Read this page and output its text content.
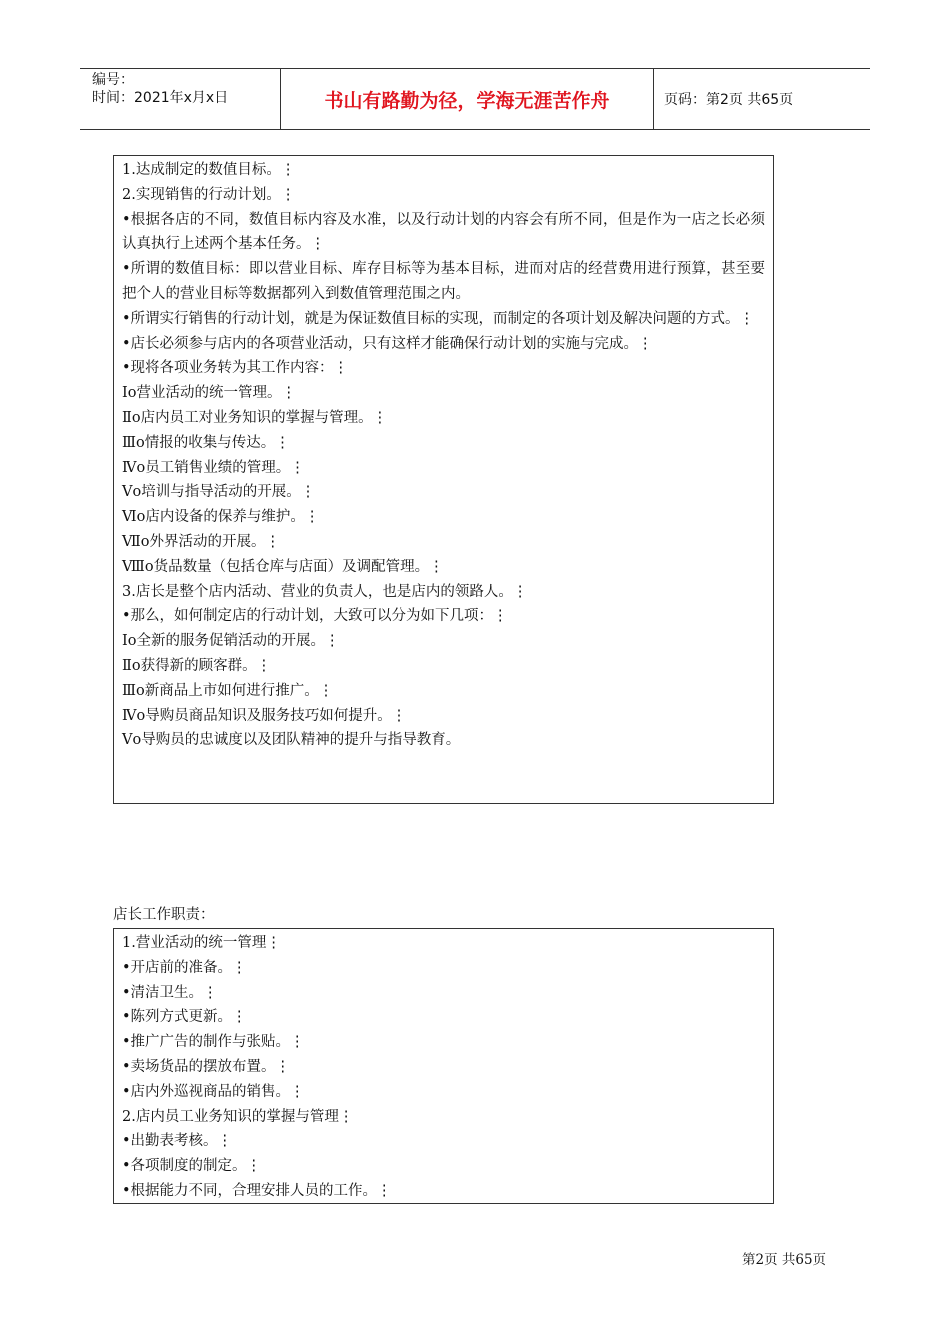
编号：
时间：2021年x月x日	书山有路勤为径，学海无涯苦作舟	页码：第2页 共65页
1.达成制定的数值目标。⋮
2.实现销售的行动计划。⋮
•根据各店的不同，数值目标内容及水准，以及行动计划的内容会有所不同，但是作为一店之长必须认真执行上述两个基本任务。⋮
•所谓的数值目标：即以营业目标、库存目标等为基本目标，进而对店的经营费用进行预算，甚至要把个人的营业目标等数据都列入到数值管理范围之内。
•所谓实行销售的行动计划，就是为保证数值目标的实现，而制定的各项计划及解决问题的方式。⋮
•店长必须参与店内的各项营业活动，只有这样才能确保行动计划的实施与完成。⋮
•现将各项业务转为其工作内容：⋮
Ⅰo营业活动的统一管理。⋮
Ⅱo店内员工对业务知识的掌握与管理。⋮
Ⅲo情报的收集与传达。⋮
Ⅳo员工销售业绩的管理。⋮
Ⅴo培训与指导活动的开展。⋮
Ⅵo店内设备的保养与维护。⋮
Ⅶo外界活动的开展。⋮
Ⅷo货品数量（包括仓库与店面）及调配管理。⋮
3.店长是整个店内活动、营业的负责人，也是店内的领路人。⋮
•那么，如何制定店的行动计划，大致可以分为如下几项：⋮
Ⅰo全新的服务促销活动的开展。⋮
Ⅱo获得新的顾客群。⋮
Ⅲo新商品上市如何进行推广。⋮
Ⅳo导购员商品知识及服务技巧如何提升。⋮
Ⅴo导购员的忠诚度以及团队精神的提升与指导教育。
店长工作职责：
1.营业活动的统一管理⋮
•开店前的准备。⋮
•清洁卫生。⋮
•陈列方式更新。⋮
•推广广告的制作与张贴。⋮
•卖场货品的摆放布置。⋮
•店内外巡视商品的销售。⋮
2.店内员工业务知识的掌握与管理⋮
•出勤表考核。⋮
•各项制度的制定。⋮
•根据能力不同，合理安排人员的工作。⋮
第2页 共65页
